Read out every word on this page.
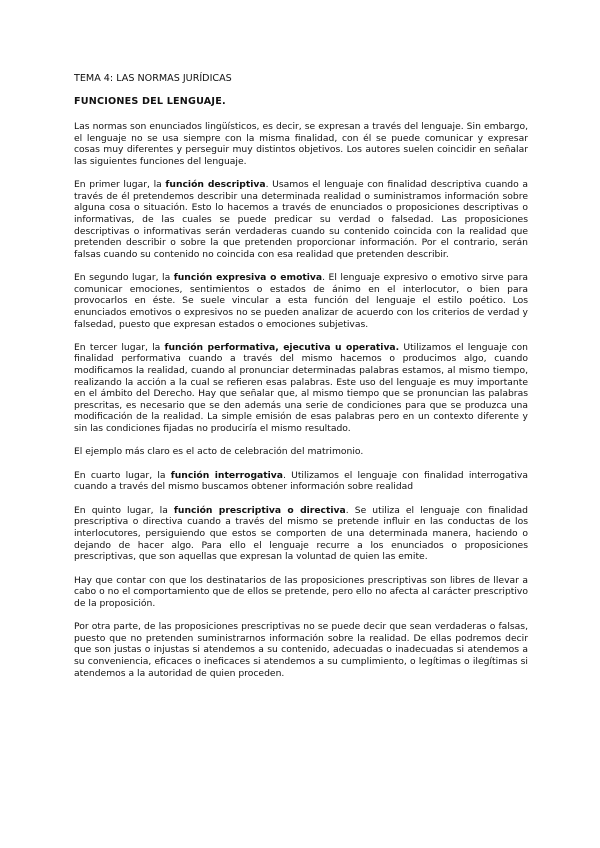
TEMA 4: LAS NORMAS JURÍDICAS
FUNCIONES DEL LENGUAJE.

Las normas son enunciados lingüísticos, es decir, se expresan a través del lenguaje. Sin embargo, el lenguaje no se usa siempre con la misma finalidad, con él se puede comunicar y expresar cosas muy diferentes y perseguir muy distintos objetivos. Los autores suelen coincidir en señalar las siguientes funciones del lenguaje.

En primer lugar, la función descriptiva. Usamos el lenguaje con finalidad descriptiva cuando a través de él pretendemos describir una determinada realidad o suministramos información sobre alguna cosa o situación. Esto lo hacemos a través de enunciados o proposiciones descriptivas o informativas, de las cuales se puede predicar su verdad o falsedad. Las proposiciones descriptivas o informativas serán verdaderas cuando su contenido coincida con la realidad que pretenden describir o sobre la que pretenden proporcionar información. Por el contrario, serán falsas cuando su contenido no coincida con esa realidad que pretenden describir.

En segundo lugar, la función expresiva o emotiva. El lenguaje expresivo o emotivo sirve para comunicar emociones, sentimientos o estados de ánimo en el interlocutor, o bien para provocarlos en éste. Se suele vincular a esta función del lenguaje el estilo poético. Los enunciados emotivos o expresivos no se pueden analizar de acuerdo con los criterios de verdad y falsedad, puesto que expresan estados o emociones subjetivas.

En tercer lugar, la función performativa, ejecutiva u operativa. Utilizamos el lenguaje con finalidad performativa cuando a través del mismo hacemos o producimos algo, cuando modificamos la realidad, cuando al pronunciar determinadas palabras estamos, al mismo tiempo, realizando la acción a la cual se refieren esas palabras. Este uso del lenguaje es muy importante en el ámbito del Derecho. Hay que señalar que, al mismo tiempo que se pronuncian las palabras prescritas, es necesario que se den además una serie de condiciones para que se produzca una modificación de la realidad. La simple emisión de esas palabras pero en un contexto diferente y sin las condiciones fijadas no produciría el mismo resultado.

El ejemplo más claro es el acto de celebración del matrimonio.

En cuarto lugar, la función interrogativa. Utilizamos el lenguaje con finalidad interrogativa cuando a través del mismo buscamos obtener información sobre realidad

En quinto lugar, la función prescriptiva o directiva. Se utiliza el lenguaje con finalidad prescriptiva o directiva cuando a través del mismo se pretende influir en las conductas de los interlocutores, persiguiendo que estos se comporten de una determinada manera, haciendo o dejando de hacer algo. Para ello el lenguaje recurre a los enunciados o proposiciones prescriptivas, que son aquellas que expresan la voluntad de quien las emite.

Hay que contar con que los destinatarios de las proposiciones prescriptivas son libres de llevar a cabo o no el comportamiento que de ellos se pretende, pero ello no afecta al carácter prescriptivo de la proposición.

Por otra parte, de las proposiciones prescriptivas no se puede decir que sean verdaderas o falsas, puesto que no pretenden suministrarnos información sobre la realidad. De ellas podremos decir que son justas o injustas si atendemos a su contenido, adecuadas o inadecuadas si atendemos a su conveniencia, eficaces o ineficaces si atendemos a su cumplimiento, o legítimas o ilegítimas si atendemos a la autoridad de quien proceden.
